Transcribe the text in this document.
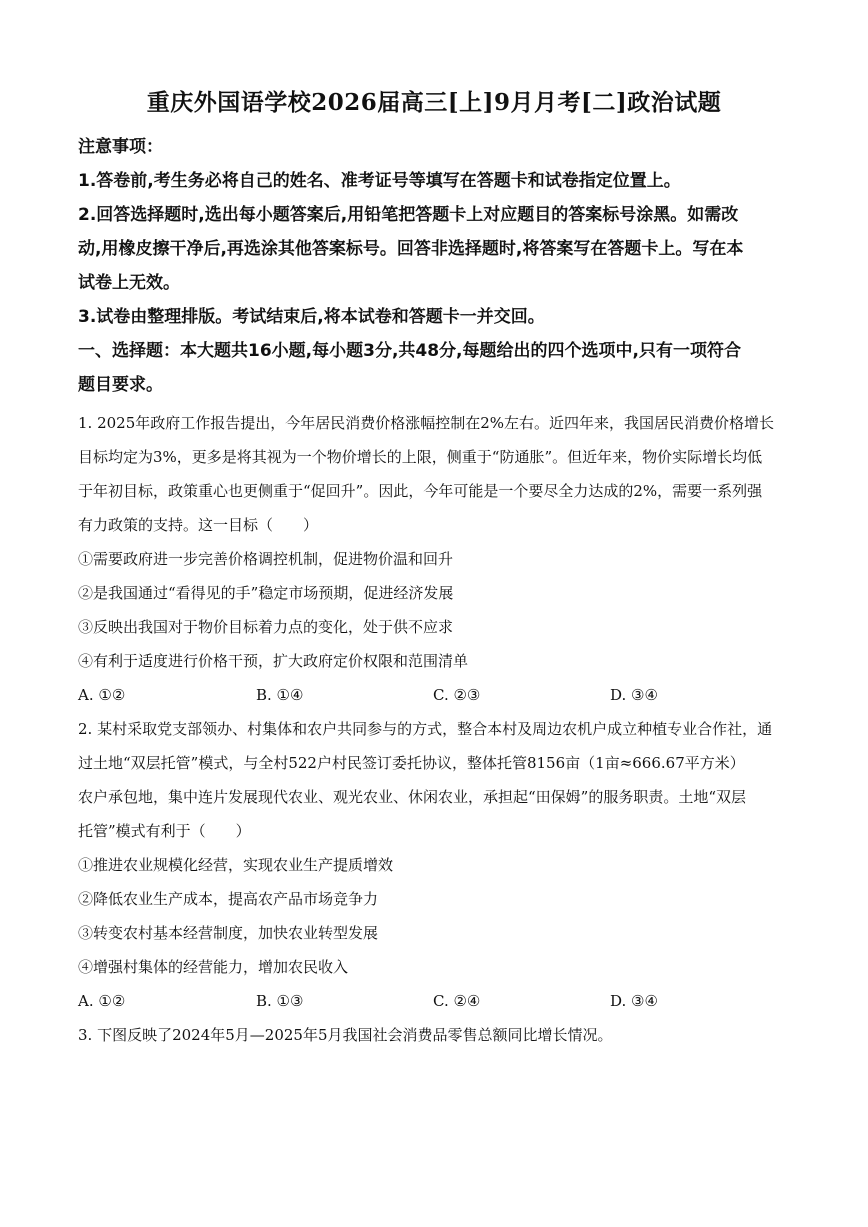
重庆外国语学校2026届高三[上]9月月考[二]政治试题
注意事项：
1.答卷前,考生务必将自己的姓名、准考证号等填写在答题卡和试卷指定位置上。
2.回答选择题时,选出每小题答案后,用铅笔把答题卡上对应题目的答案标号涂黑。如需改
动,用橡皮擦干净后,再选涂其他答案标号。回答非选择题时,将答案写在答题卡上。写在本
试卷上无效。
3.试卷由整理排版。考试结束后,将本试卷和答题卡一并交回。
一、选择题：本大题共16小题,每小题3分,共48分,每题给出的四个选项中,只有一项符合
题目要求。
1. 2025年政府工作报告提出，今年居民消费价格涨幅控制在2%左右。近四年来，我国居民消费价格增长
目标均定为3%，更多是将其视为一个物价增长的上限，侧重于“防通胀”。但近年来，物价实际增长均低
于年初目标，政策重心也更侧重于“促回升”。因此，今年可能是一个要尽全力达成的2%，需要一系列强
有力政策的支持。这一目标（　　）
①需要政府进一步完善价格调控机制，促进物价温和回升
②是我国通过“看得见的手”稳定市场预期，促进经济发展
③反映出我国对于物价目标着力点的变化，处于供不应求
④有利于适度进行价格干预，扩大政府定价权限和范围清单
A. ①②	B. ①④	C. ②③	D. ③④
2. 某村采取党支部领办、村集体和农户共同参与的方式，整合本村及周边农机户成立种植专业合作社，通
过土地“双层托管”模式，与全村522户村民签订委托协议，整体托管8156亩（1亩≈666.67平方米）
农户承包地，集中连片发展现代农业、观光农业、休闲农业，承担起“田保姆”的服务职责。土地“双层
托管”模式有利于（　　）
①推进农业规模化经营，实现农业生产提质增效
②降低农业生产成本，提高农产品市场竞争力
③转变农村基本经营制度，加快农业转型发展
④增强村集体的经营能力，增加农民收入
A. ①②	B. ①③	C. ②④	D. ③④
3. 下图反映了2024年5月—2025年5月我国社会消费品零售总额同比增长情况。
